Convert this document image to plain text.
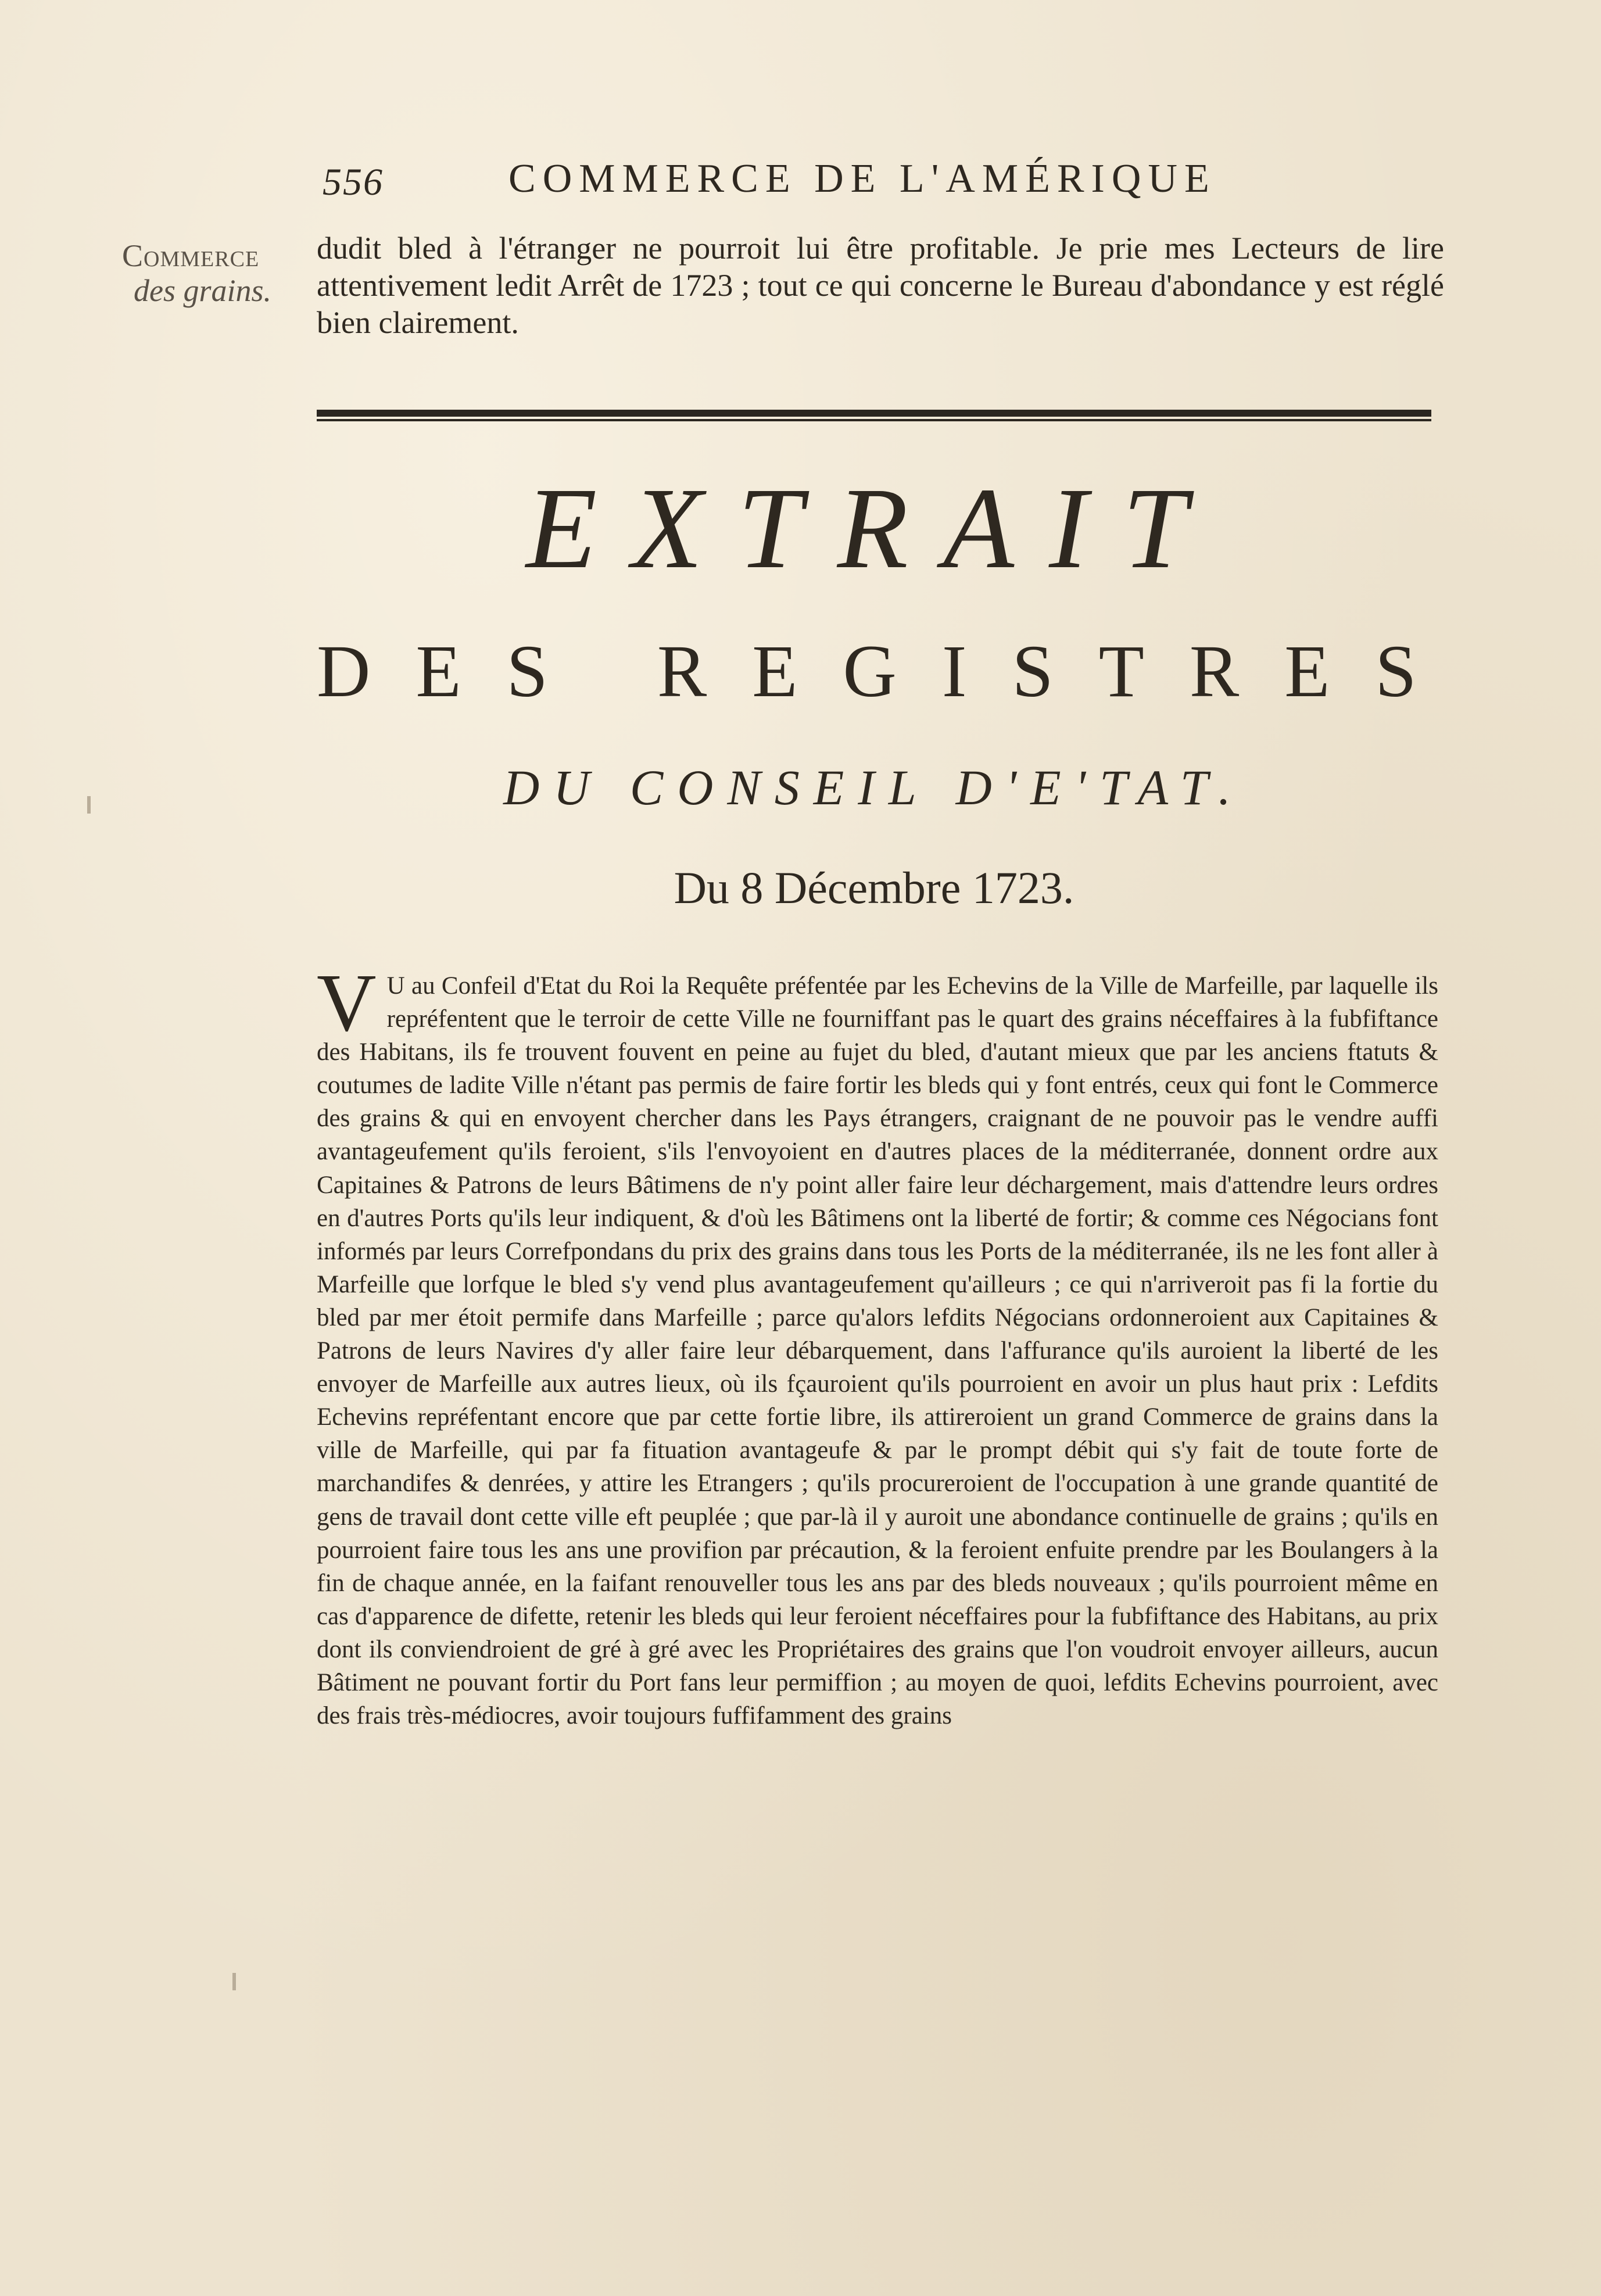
556	COMMERCE DE L'AMÉRIQUE
Commerce
des grains.
dudit bled à l'étranger ne pourroit lui être profitable. Je prie mes Lecteurs de lire attentivement ledit Arrêt de 1723 ; tout ce qui concerne le Bureau d'abondance y est réglé bien clairement.
EXTRAIT
DES REGISTRES
DU CONSEIL D'E'TAT.
Du 8 Décembre 1723.
V U au Confeil d'Etat du Roi la Requête préfentée par les Echevins de la Ville de Marfeille, par laquelle ils repréfentent que le terroir de cette Ville ne fourniffant pas le quart des grains néceffaires à la fubfiftance des Habitans, ils fe trouvent fouvent en peine au fujet du bled, d'autant mieux que par les anciens ftatuts & coutumes de ladite Ville n'étant pas permis de faire fortir les bleds qui y font entrés, ceux qui font le Commerce des grains & qui en envoyent chercher dans les Pays étrangers, craignant de ne pouvoir pas le vendre auffi avantageufement qu'ils feroient, s'ils l'envoyoient en d'autres places de la méditerranée, donnent ordre aux Capitaines & Patrons de leurs Bâtimens de n'y point aller faire leur déchargement, mais d'attendre leurs ordres en d'autres Ports qu'ils leur indiquent, & d'où les Bâtimens ont la liberté de fortir; & comme ces Négocians font informés par leurs Correfpondans du prix des grains dans tous les Ports de la méditerranée, ils ne les font aller à Marfeille que lorfque le bled s'y vend plus avantageufement qu'ailleurs ; ce qui n'arriveroit pas fi la fortie du bled par mer étoit permife dans Marfeille ; parce qu'alors lefdits Négocians ordonneroient aux Capitaines & Patrons de leurs Navires d'y aller faire leur débarquement, dans l'affurance qu'ils auroient la liberté de les envoyer de Marfeille aux autres lieux, où ils fçauroient qu'ils pourroient en avoir un plus haut prix : Lefdits Echevins repréfentant encore que par cette fortie libre, ils attireroient un grand Commerce de grains dans la ville de Marfeille, qui par fa fituation avantageufe & par le prompt débit qui s'y fait de toute forte de marchandifes & denrées, y attire les Etrangers ; qu'ils procureroient de l'occupation à une grande quantité de gens de travail dont cette ville eft peuplée ; que par-là il y auroit une abondance continuelle de grains ; qu'ils en pourroient faire tous les ans une provifion par précaution, & la feroient enfuite prendre par les Boulangers à la fin de chaque année, en la faifant renouveller tous les ans par des bleds nouveaux ; qu'ils pourroient même en cas d'apparence de difette, retenir les bleds qui leur feroient néceffaires pour la fubfiftance des Habitans, au prix dont ils conviendroient de gré à gré avec les Propriétaires des grains que l'on voudroit envoyer ailleurs, aucun Bâtiment ne pouvant fortir du Port fans leur permiffion ; au moyen de quoi, lefdits Echevins pourroient, avec des frais très-médiocres, avoir toujours fuffifamment des grains
